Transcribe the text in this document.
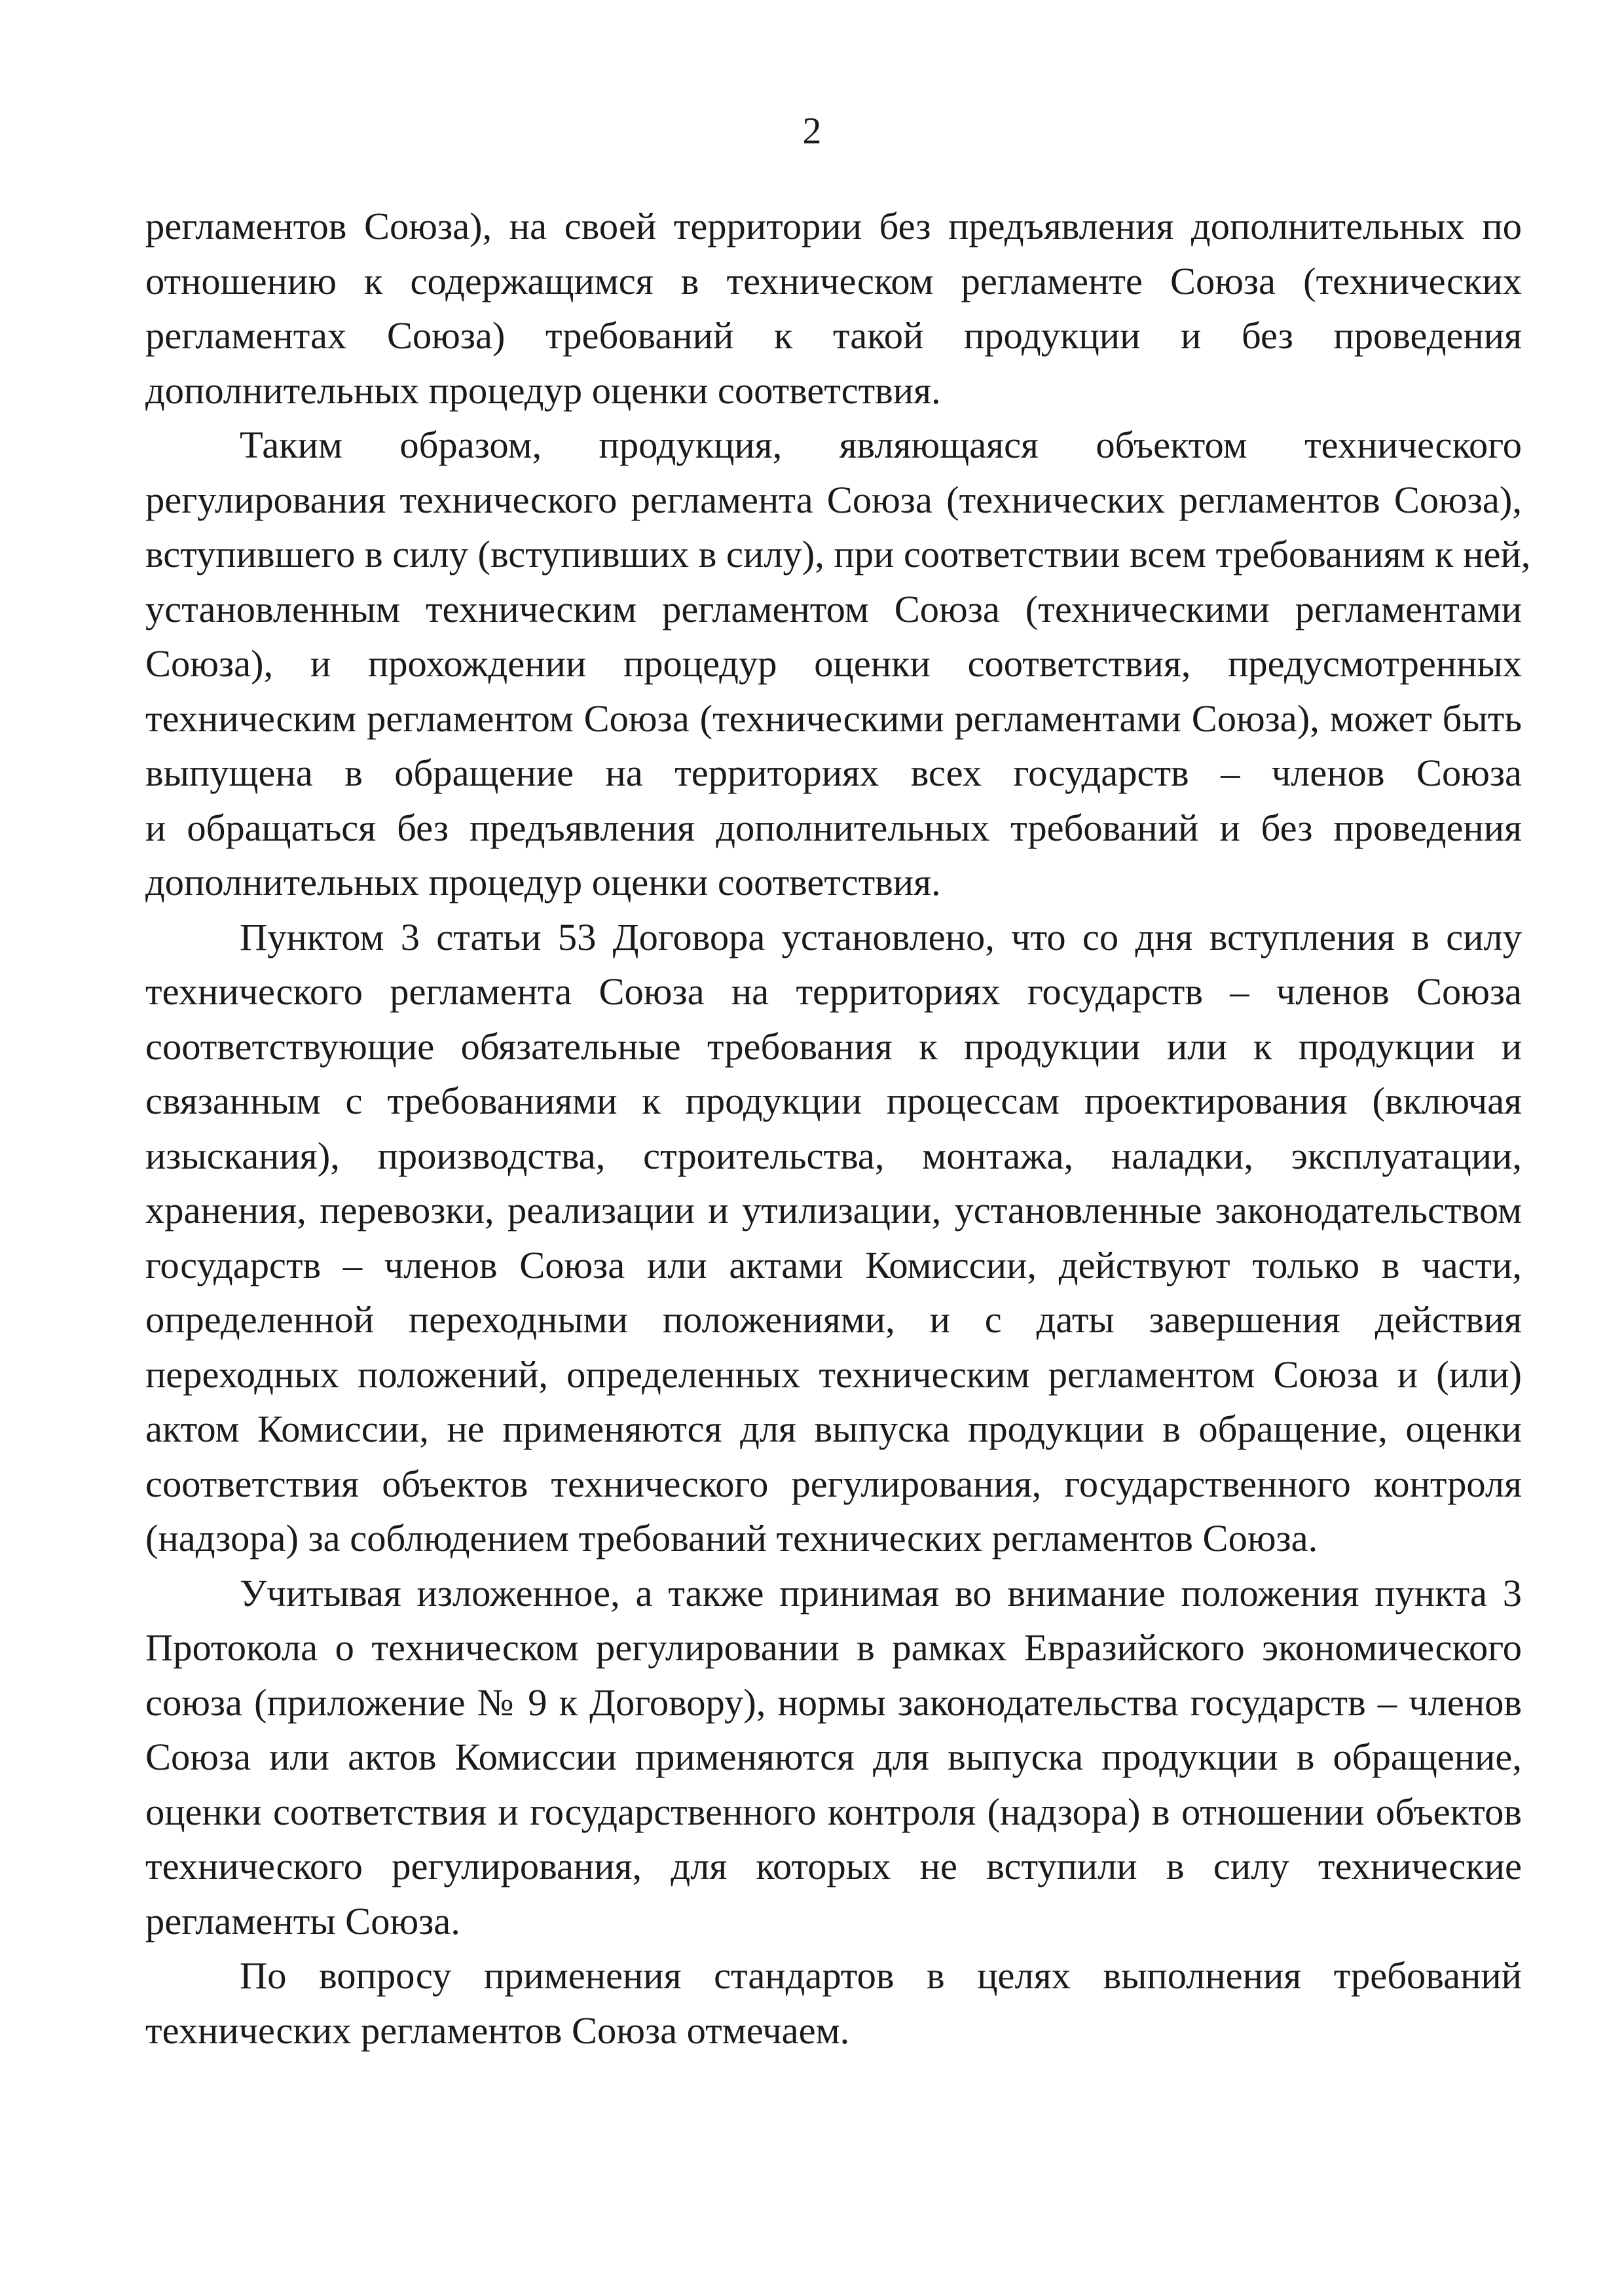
2
регламентов Союза), на своей территории без предъявления дополнительных по
отношению к содержащимся в техническом регламенте Союза (технических
регламентах Союза) требований к такой продукции и без проведения
дополнительных процедур оценки соответствия.
Таким образом, продукция, являющаяся объектом технического
регулирования технического регламента Союза (технических регламентов Союза),
вступившего в силу (вступивших в силу), при соответствии всем требованиям к ней,
установленным техническим регламентом Союза (техническими регламентами
Союза), и прохождении процедур оценки соответствия, предусмотренных
техническим регламентом Союза (техническими регламентами Союза), может быть
выпущена в обращение на территориях всех государств – членов Союза
и обращаться без предъявления дополнительных требований и без проведения
дополнительных процедур оценки соответствия.
Пунктом 3 статьи 53 Договора установлено, что со дня вступления в силу
технического регламента Союза на территориях государств – членов Союза
соответствующие обязательные требования к продукции или к продукции и
связанным с требованиями к продукции процессам проектирования (включая
изыскания), производства, строительства, монтажа, наладки, эксплуатации,
хранения, перевозки, реализации и утилизации, установленные законодательством
государств – членов Союза или актами Комиссии, действуют только в части,
определенной переходными положениями, и с даты завершения действия
переходных положений, определенных техническим регламентом Союза и (или)
актом Комиссии, не применяются для выпуска продукции в обращение, оценки
соответствия объектов технического регулирования, государственного контроля
(надзора) за соблюдением требований технических регламентов Союза.
Учитывая изложенное, а также принимая во внимание положения пункта 3
Протокола о техническом регулировании в рамках Евразийского экономического
союза (приложение № 9 к Договору), нормы законодательства государств – членов
Союза или актов Комиссии применяются для выпуска продукции в обращение,
оценки соответствия и государственного контроля (надзора) в отношении объектов
технического регулирования, для которых не вступили в силу технические
регламенты Союза.
По вопросу применения стандартов в целях выполнения требований
технических регламентов Союза отмечаем.
